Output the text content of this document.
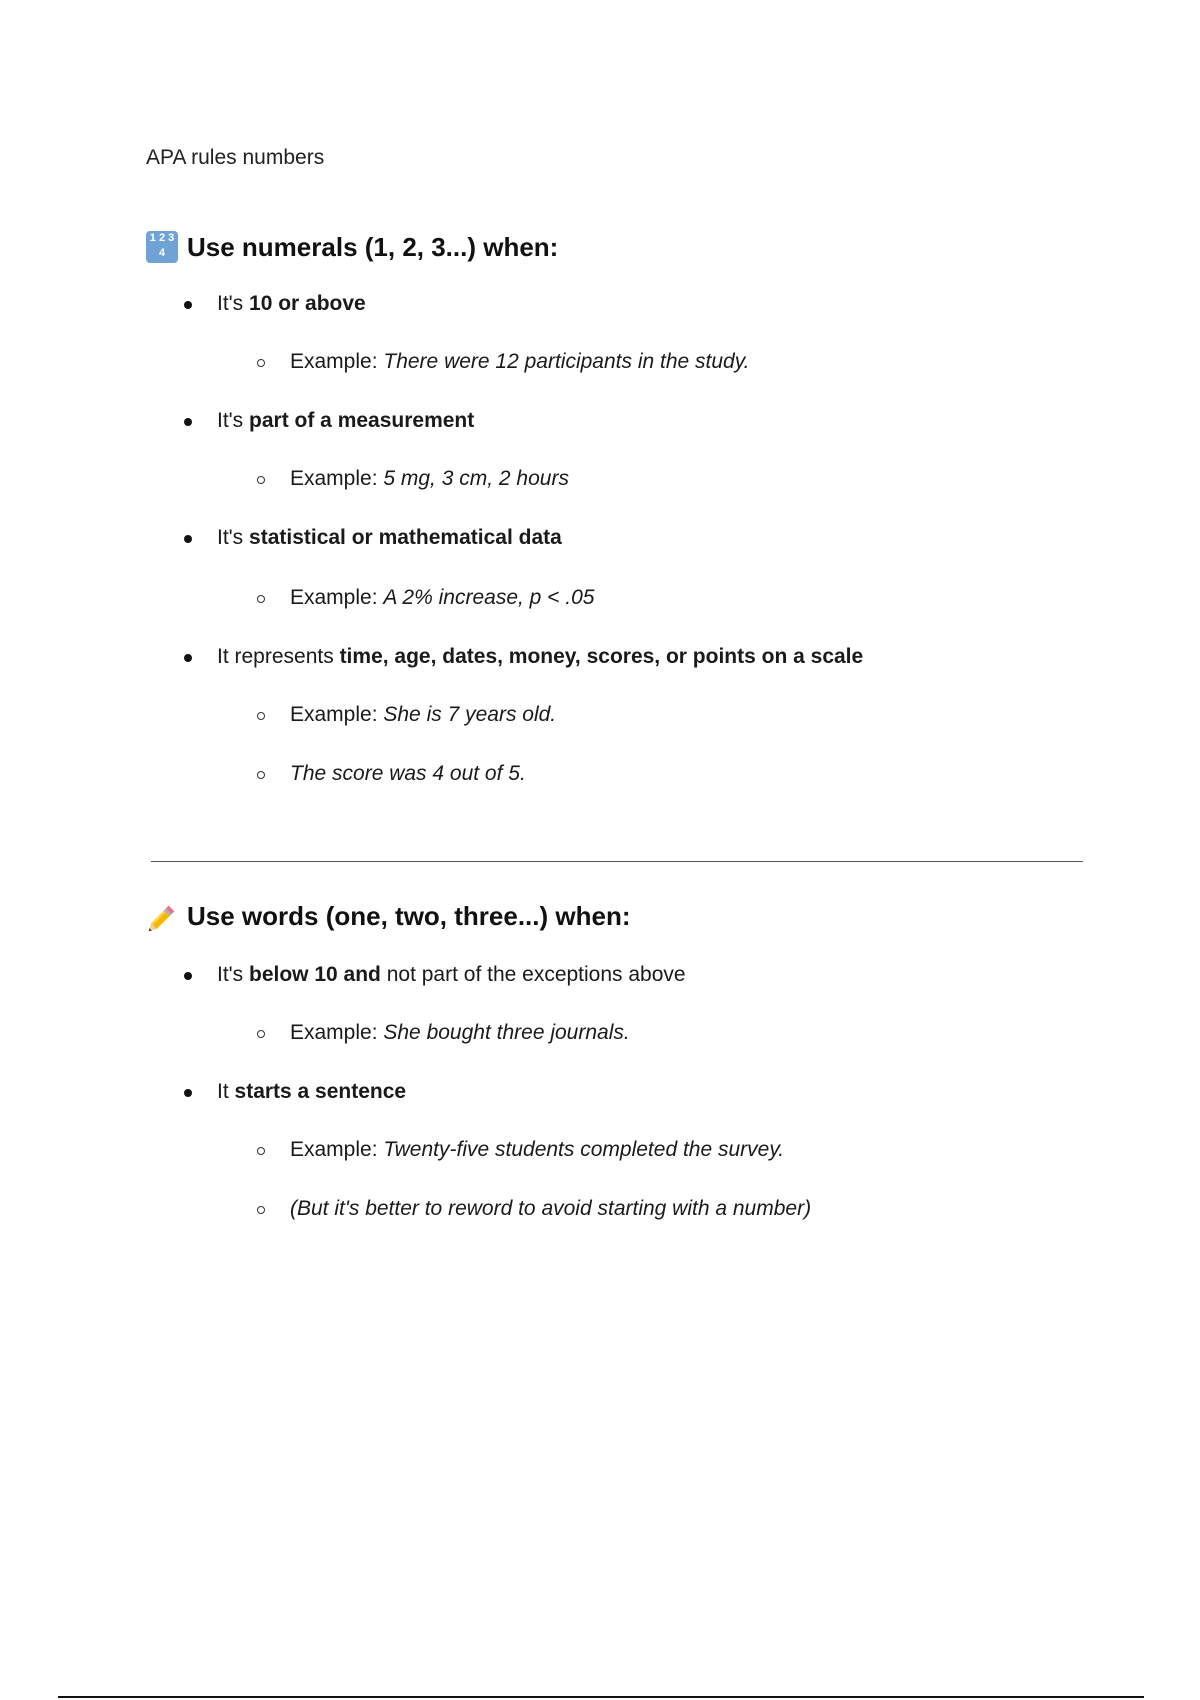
APA rules numbers
1 2 3 4 Use numerals (1, 2, 3...) when:
It's 10 or above
Example: There were 12 participants in the study.
It's part of a measurement
Example: 5 mg, 3 cm, 2 hours
It's statistical or mathematical data
Example: A 2% increase, p < .05
It represents time, age, dates, money, scores, or points on a scale
Example: She is 7 years old.
The score was 4 out of 5.
Use words (one, two, three...) when:
It's below 10 and not part of the exceptions above
Example: She bought three journals.
It starts a sentence
Example: Twenty-five students completed the survey.
(But it's better to reword to avoid starting with a number)
